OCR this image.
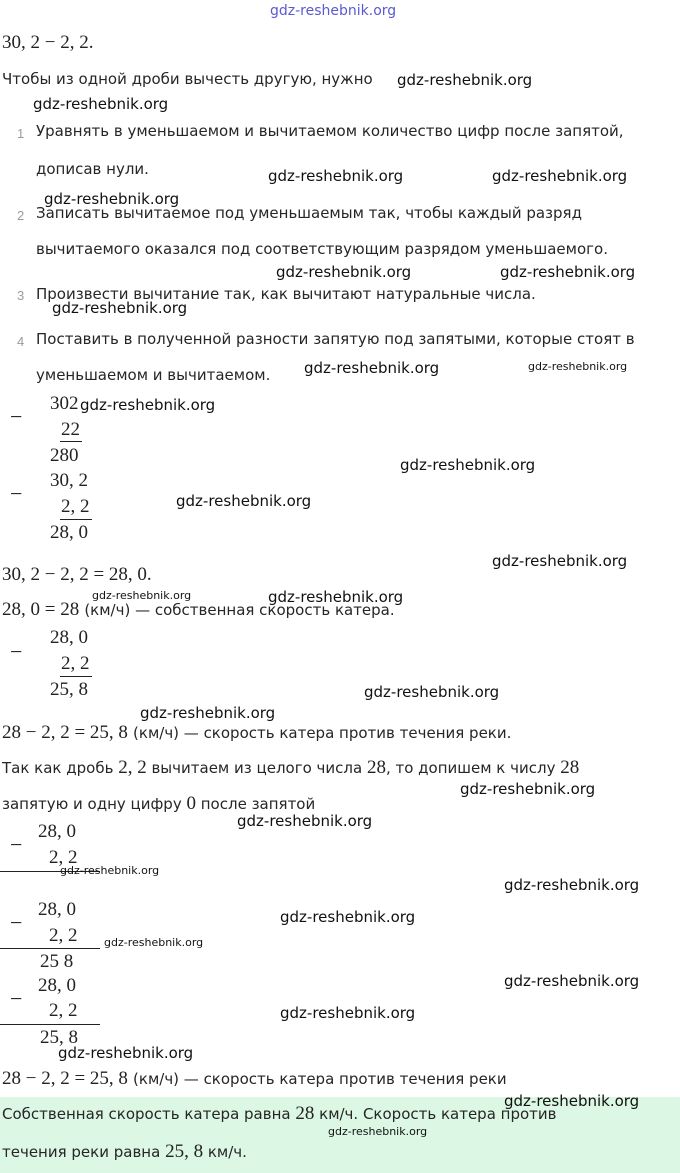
gdz-reshebnik.org
30, 2 − 2, 2.
Чтобы из одной дроби вычесть другую, нужно gdz-reshebnik.org
gdz-reshebnik.org
1 Уравнять в уменьшаемом и вычитаемом количество цифр после запятой,
дописав нули.
2 Записать вычитаемое под уменьшаемым так, чтобы каждый разряд
вычитаемого оказался под соответствующим разрядом уменьшаемого.
3 Произвести вычитание так, как вычитают натуральные числа.
4 Поставить в полученной разности запятую под запятыми, которые стоят в
уменьшаемом и вычитаемом.
gdz-reshebnik.org	gdz-reshebnik.org
gdz-reshebnik.org
gdz-reshebnik.org	gdz-reshebnik.org
gdz-reshebnik.org
gdz-reshebnik.org	gdz-reshebnik.org
−
302
22
280
gdz-reshebnik.org
gdz-reshebnik.org
−
30, 2
2, 2
28, 0
gdz-reshebnik.org
gdz-reshebnik.org
30, 2 − 2, 2 = 28, 0.
gdz-reshebnik.org	gdz-reshebnik.org
28, 0 = 28 (км/ч) — собственная скорость катера.
−
28, 0
2, 2
25, 8	gdz-reshebnik.org
gdz-reshebnik.org
28 − 2, 2 = 25, 8 (км/ч) — скорость катера против течения реки.
Так как дробь 2, 2 вычитаем из целого числа 28, то допишем к числу 28
gdz-reshebnik.org
запятую и одну цифру 0 после запятой
28, 0
−
2, 2
gdz-reshebnik.org
gdz-reshebnik.org
gdz-reshebnik.org
28, 0
−
2, 2
25 8
gdz-reshebnik.org
gdz-reshebnik.org
gdz-reshebnik.org
28, 0
− 2, 2
25, 8
gdz-reshebnik.org
gdz-reshebnik.org
28 − 2, 2 = 25, 8 (км/ч) — скорость катера против течения реки
gdz-reshebnik.org
Собственная скорость катера равна 28 км/ч. Скорость катера против
gdz-reshebnik.org
течения реки равна 25, 8 км/ч.
